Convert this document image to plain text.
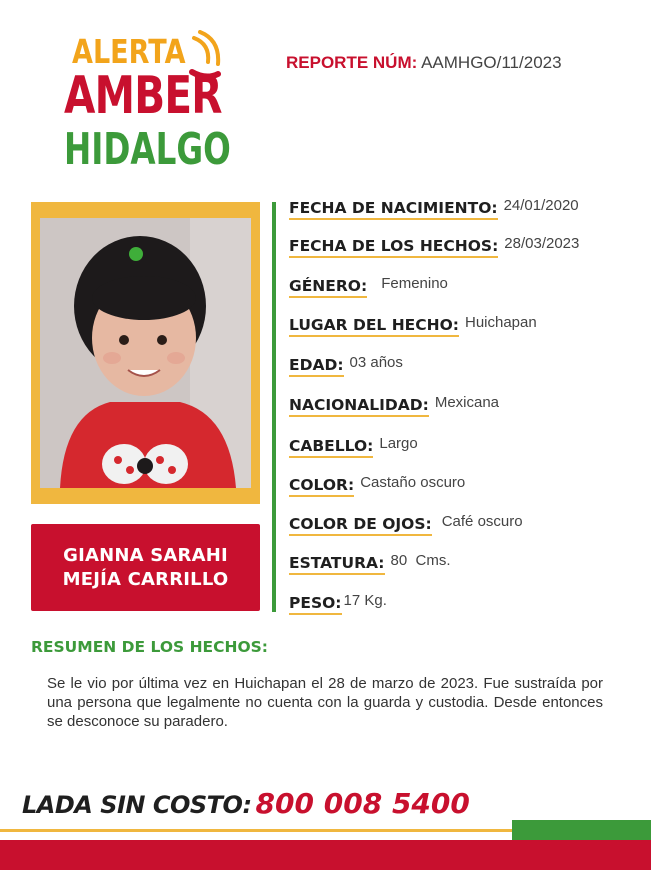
ALERTA
AMBER
HIDALGO
REPORTE NÚM: AAMHGO/11/2023
GIANNA SARAHI
MEJÍA CARRILLO
FECHA DE NACIMIENTO: 24/01/2020
FECHA DE LOS HECHOS: 28/03/2023
GÉNERO: Femenino
LUGAR DEL HECHO: Huichapan
EDAD: 03 años
NACIONALIDAD: Mexicana
CABELLO: Largo
COLOR: Castaño oscuro
COLOR DE OJOS: Café oscuro
ESTATURA: 80  Cms.
PESO: 17 Kg.
RESUMEN DE LOS HECHOS:
Se le vio por última vez en Huichapan el 28 de marzo de 2023. Fue sustraída por una persona que legalmente no cuenta con la guarda y custodia. Desde entonces se desconoce su paradero.
LADA SIN COSTO: 800 008 5400
